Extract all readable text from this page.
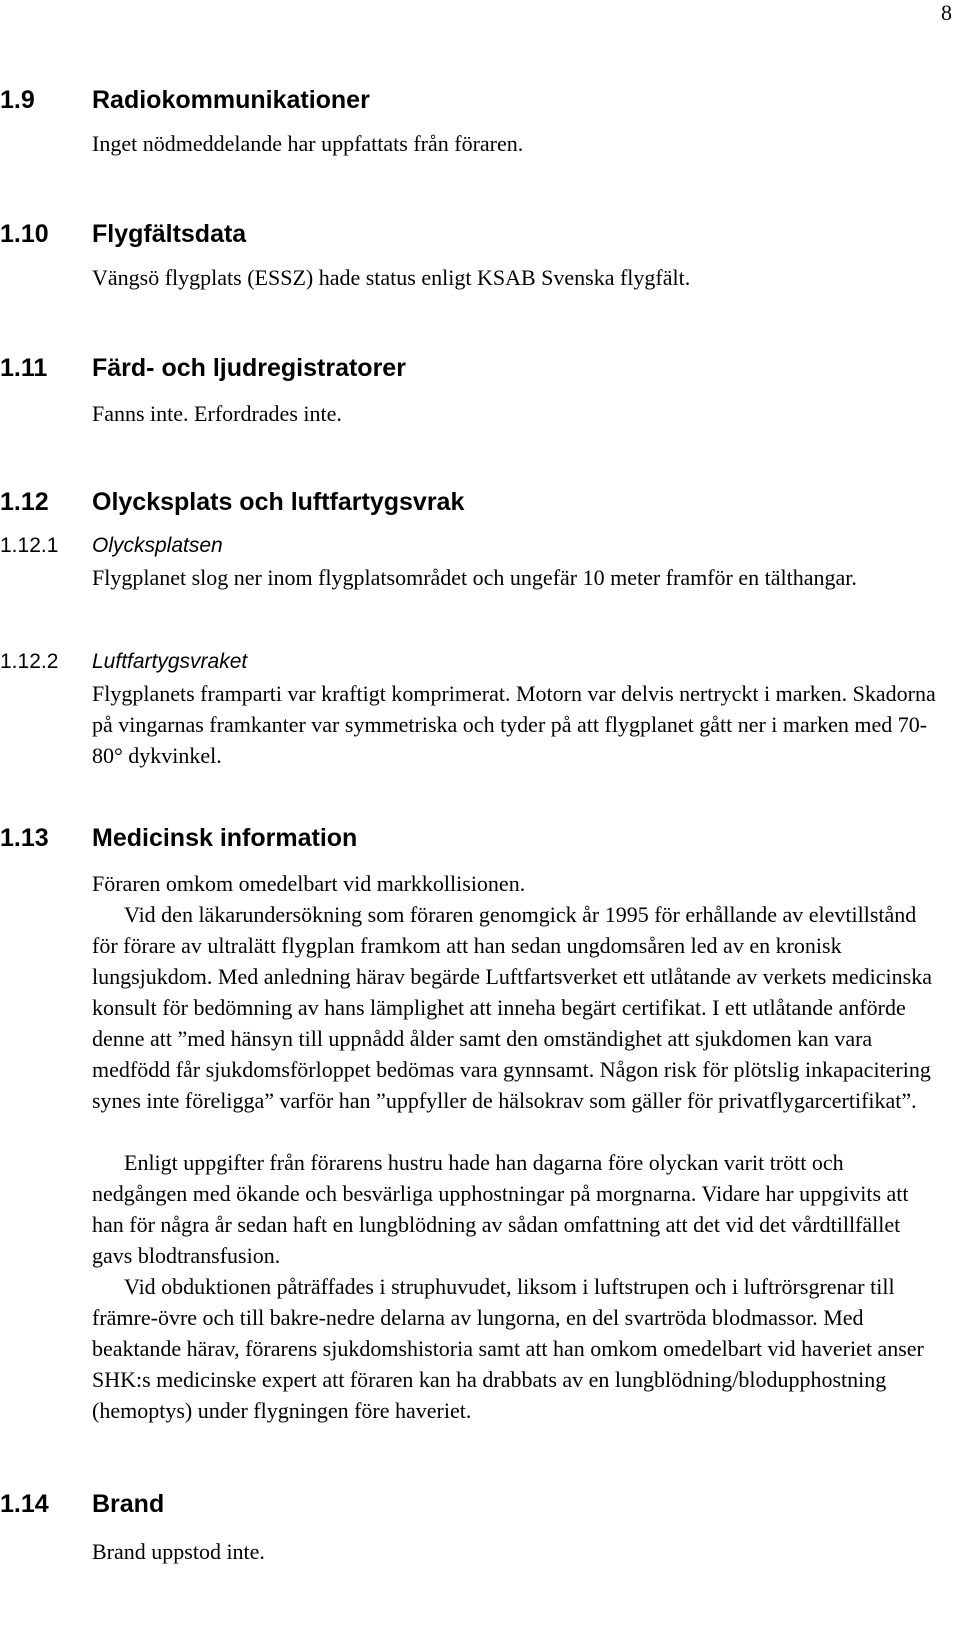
8
1.9 Radiokommunikationer

Inget nödmeddelande har uppfattats från föraren.

1.10 Flygfältsdata

Vängsö flygplats (ESSZ) hade status enligt KSAB Svenska flygfält.

1.11 Färd- och ljudregistratorer

Fanns inte. Erfordrades inte.

1.12 Olycksplats och luftfartygsvrak
1.12.1 Olycksplatsen

Flygplanet slog ner inom flygplatsområdet och ungefär 10 meter framför en tälthangar.

1.12.2 Luftfartygsvraket

Flygplanets framparti var kraftigt komprimerat. Motorn var delvis nertryckt i marken. Skadorna på vingarnas framkanter var symmetriska och tyder på att flygplanet gått ner i marken med 70-80° dykvinkel.

1.13 Medicinsk information

Föraren omkom omedelbart vid markkollisionen.

Vid den läkarundersökning som föraren genomgick år 1995 för erhållande av elevtillstånd för förare av ultralätt flygplan framkom att han sedan ungdomsåren led av en kronisk lungsjukdom. Med anledning härav begärde Luftfartsverket ett utlåtande av verkets medicinska konsult för bedömning av hans lämplighet att inneha begärt certifikat. I ett utlåtande anförde denne att ”med hänsyn till uppnådd ålder samt den omständighet att sjukdomen kan vara medfödd får sjukdomsförloppet bedömas vara gynnsamt. Någon risk för plötslig inkapacitering synes inte föreligga” varför han ”uppfyller de hälsokrav som gäller för privatflygarcertifikat”.

Enligt uppgifter från förarens hustru hade han dagarna före olyckan varit trött och nedgången med ökande och besvärliga upphostningar på morgnarna. Vidare har uppgivits att han för några år sedan haft en lungblödning av sådan omfattning att det vid det vårdtillfället gavs blodtransfusion.

Vid obduktionen påträffades i struphuvudet, liksom i luftstrupen och i luftrörsgrenar till främre-övre och till bakre-nedre delarna av lungorna, en del svartröda blodmassor. Med beaktande härav, förarens sjukdomshistoria samt att han omkom omedelbart vid haveriet anser SHK:s medicinske expert att föraren kan ha drabbats av en lungblödning/blodupphostning (hemoptys) under flygningen före haveriet.

1.14 Brand

Brand uppstod inte.
